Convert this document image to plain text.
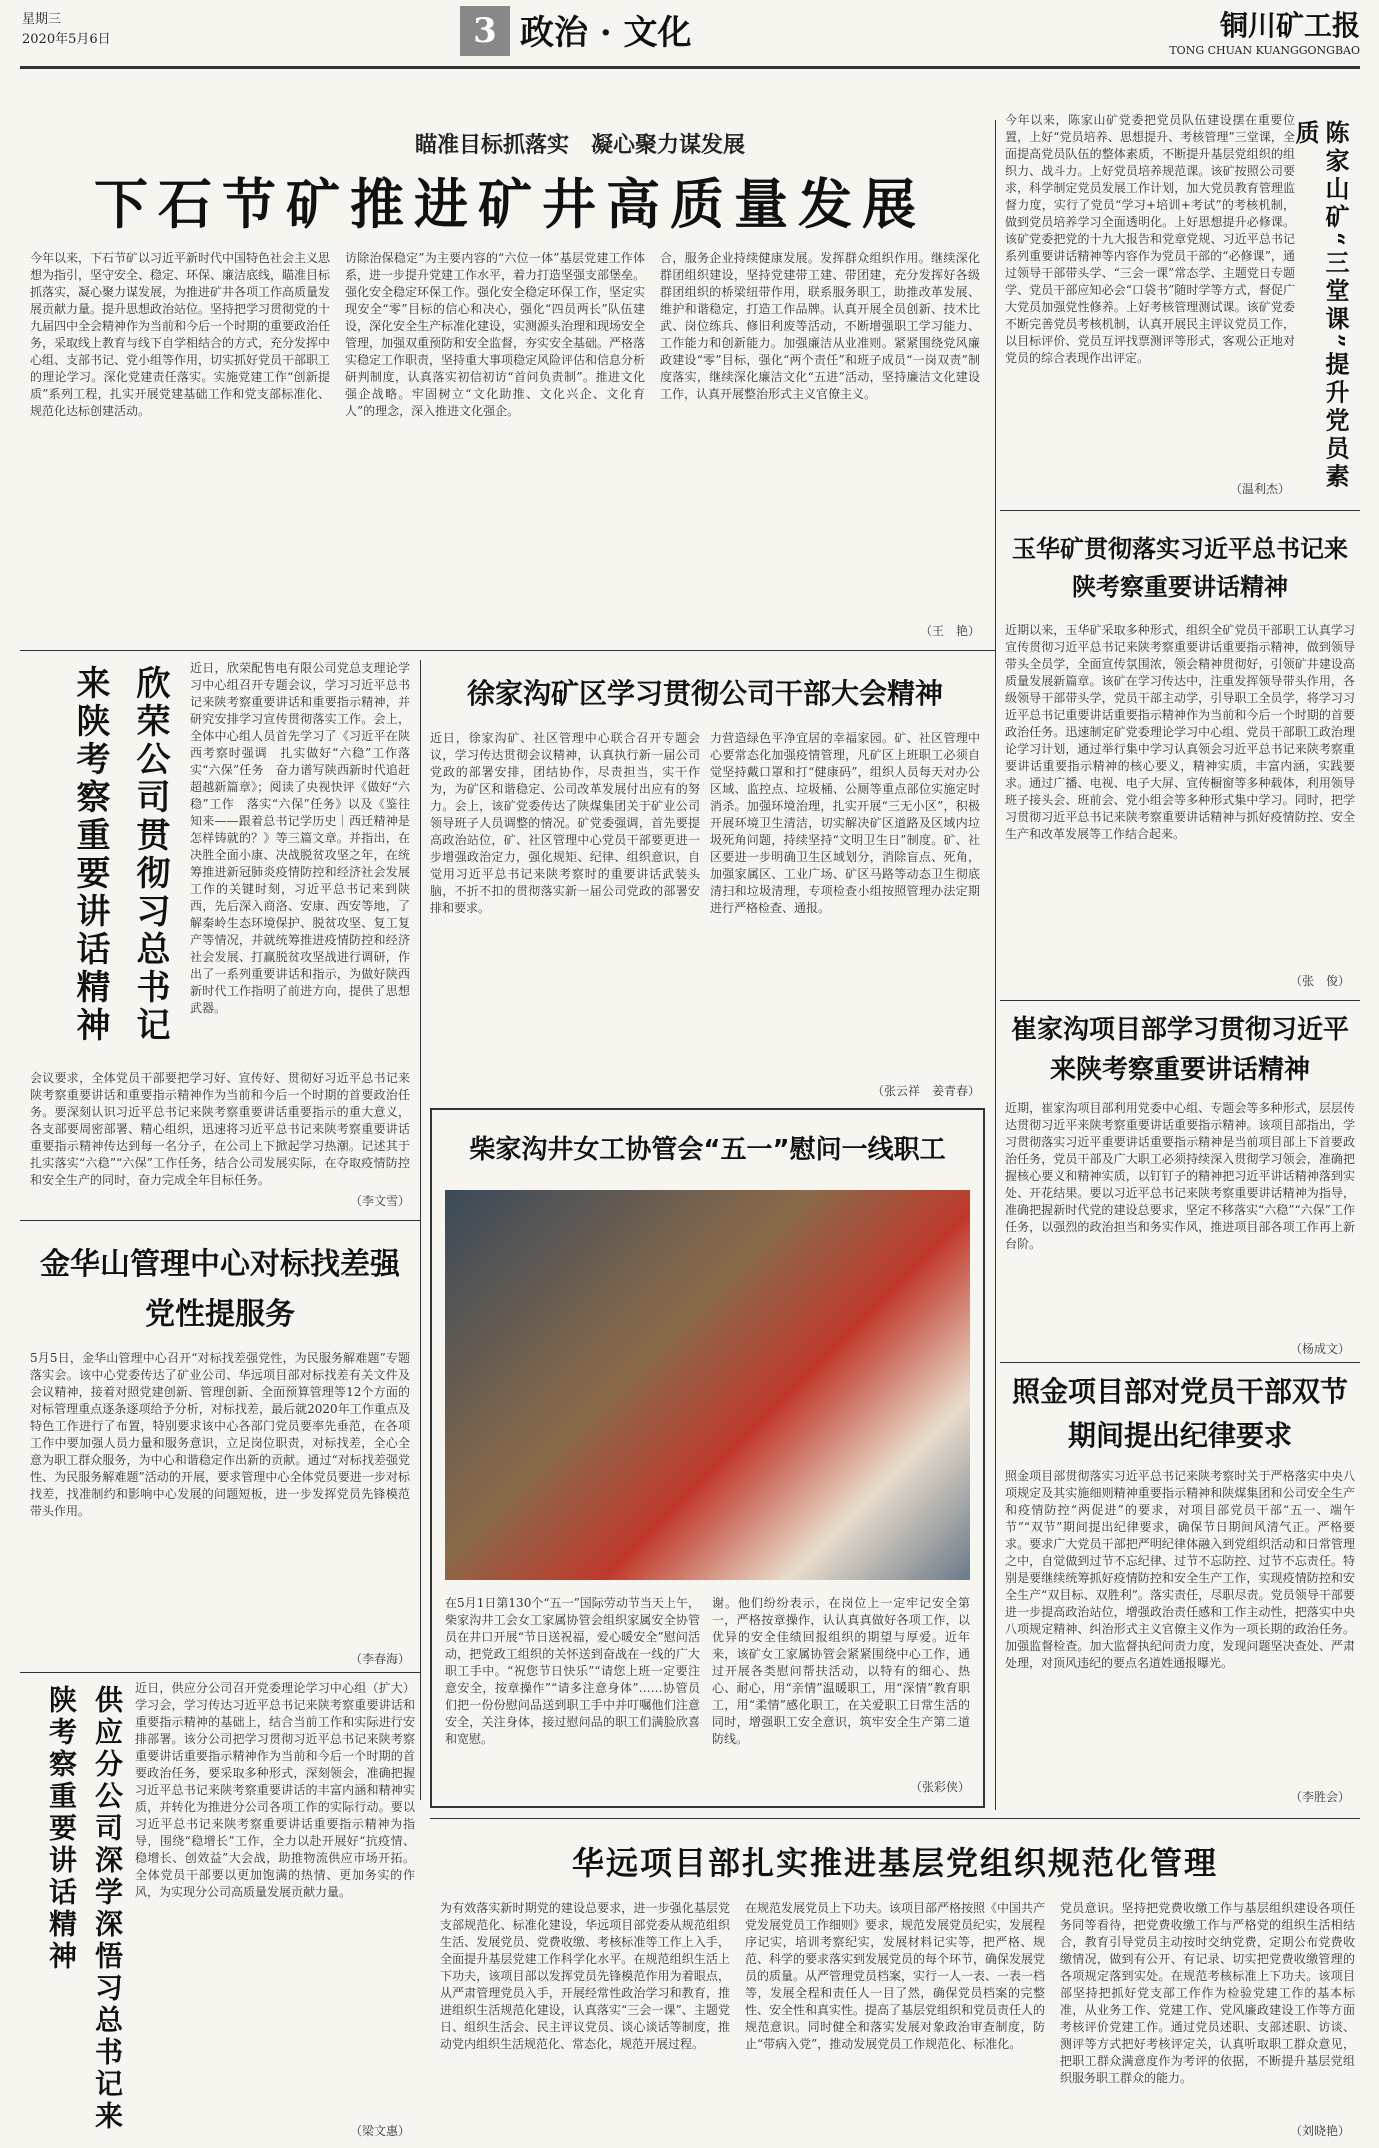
星期三
2020年5月6日	3 政治 · 文化	铜川矿工报
TONG CHUAN KUANGGONGBAO
瞄准目标抓落实　凝心聚力谋发展
下石节矿推进矿井高质量发展
今年以来，下石节矿以习近平新时代中国特色社会主义思想为指引，坚守安全、稳定、环保、廉洁底线，瞄准目标抓落实，凝心聚力谋发展，为推进矿井各项工作高质量发展贡献力量。提升思想政治站位。坚持把学习贯彻党的十九届四中全会精神作为当前和今后一个时期的重要政治任务，采取线上教育与线下自学相结合的方式，充分发挥中心组、支部书记、党小组等作用，切实抓好党员干部职工的理论学习。深化党建责任落实。实施党建工作“创新提质”系列工程，扎实开展党建基础工作和党支部标准化、规范化达标创建活动。
访除治保稳定”为主要内容的“六位一体”基层党建工作体系，进一步提升党建工作水平，着力打造坚强支部堡垒。强化安全稳定环保工作。强化安全稳定环保工作，坚定实现安全“零”目标的信心和决心，强化“四员两长”队伍建设，深化安全生产标准化建设，实测源头治理和现场安全管理，加强双重预防和安全监督，夯实安全基础。严格落实稳定工作职责，坚持重大事项稳定风险评估和信息分析研判制度，认真落实初信初访“首问负责制”。推进文化强企战略。牢固树立“文化助推、文化兴企、文化育人”的理念，深入推进文化强企。
合，服务企业持续健康发展。发挥群众组织作用。继续深化群团组织建设，坚持党建带工建、带团建，充分发挥好各级群团组织的桥梁纽带作用，联系服务职工，助推改革发展、维护和谐稳定，打造工作品牌。认真开展全员创新、技术比武、岗位练兵、修旧利废等活动，不断增强职工学习能力、工作能力和创新能力。加强廉洁从业准则。紧紧围绕党风廉政建设“零”目标，强化“两个责任”和班子成员“一岗双责”制度落实，继续深化廉洁文化“五进”活动，坚持廉洁文化建设工作，认真开展整治形式主义官僚主义。
（王　艳）
今年以来，陈家山矿党委把党员队伍建设摆在重要位置，上好“党员培养、思想提升、考核管理”三堂课，全面提高党员队伍的整体素质，不断提升基层党组织的组织力、战斗力。上好党员培养规范课。该矿按照公司要求，科学制定党员发展工作计划，加大党员教育管理监督力度，实行了党员“学习+培训+考试”的考核机制，做到党员培养学习全面透明化。上好思想提升必修课。该矿党委把党的十九大报告和党章党规、习近平总书记系列重要讲话精神等内容作为党员干部的“必修课”，通过领导干部带头学、“三会一课”常态学、主题党日专题学、党员干部应知必会“口袋书”随时学等方式，督促广大党员加强党性修养。上好考核管理测试课。该矿党委不断完善党员考核机制，认真开展民主评议党员工作，以目标评价、党员互评找票测评等形式，客观公正地对党员的综合表现作出评定。
（温利杰）	陈家山矿“三堂课”提升党员素质
玉华矿贯彻落实习近平总书记来陕考察重要讲话精神
近期以来，玉华矿采取多种形式，组织全矿党员干部职工认真学习宣传贯彻习近平总书记来陕考察重要讲话重要指示精神，做到领导带头全员学，全面宣传氛围浓，领会精神贯彻好，引领矿井建设高质量发展新篇章。该矿在学习传达中，注重发挥领导带头作用，各级领导干部带头学，党员干部主动学，引导职工全员学，将学习习近平总书记重要讲话重要指示精神作为当前和今后一个时期的首要政治任务。迅速制定矿党委理论学习中心组、党员干部职工政治理论学习计划，通过举行集中学习认真领会习近平总书记来陕考察重要讲话重要指示精神的核心要义，精神实质，丰富内涵，实践要求。通过广播、电视、电子大屏、宣传橱窗等多种载体，利用领导班子接头会、班前会、党小组会等多种形式集中学习。同时，把学习贯彻习近平总书记来陕考察重要讲话精神与抓好疫情防控、安全生产和改革发展等工作结合起来。
（张　俊）
崔家沟项目部学习贯彻习近平来陕考察重要讲话精神
近期，崔家沟项目部利用党委中心组、专题会等多种形式，层层传达贯彻习近平来陕考察重要讲话重要指示精神。该项目部指出，学习贯彻落实习近平重要讲话重要指示精神是当前项目部上下首要政治任务，党员干部及广大职工必须持续深入贯彻学习领会，准确把握核心要义和精神实质，以钉钉子的精神把习近平讲话精神落到实处、开花结果。要以习近平总书记来陕考察重要讲话精神为指导，准确把握新时代党的建设总要求，坚定不移落实“六稳”“六保”工作任务，以强烈的政治担当和务实作风，推进项目部各项工作再上新台阶。
（杨成文）
照金项目部对党员干部双节期间提出纪律要求
照金项目部贯彻落实习近平总书记来陕考察时关于严格落实中央八项规定及其实施细则精神重要指示精神和陕煤集团和公司安全生产和疫情防控“两促进”的要求，对项目部党员干部“五一、端午节”“双节”期间提出纪律要求，确保节日期间风清气正。严格要求。要求广大党员干部把严明纪律体融入到党组织活动和日常管理之中，自觉做到过节不忘纪律、过节不忘防控、过节不忘责任。特别是要继续统筹抓好疫情防控和安全生产工作，实现疫情防控和安全生产“双目标、双胜利”。落实责任，尽职尽责。党员领导干部要进一步提高政治站位，增强政治责任感和工作主动性，把落实中央八项规定精神、纠治形式主义官僚主义作为一项长期的政治任务。加强监督检查。加大监督执纪问责力度，发现问题坚决查处、严肃处理，对顶风违纪的要点名道姓通报曝光。
（李胜会）
欣荣公司贯彻习总书记来陕考察重要讲话精神	近日，欣荣配售电有限公司党总支理论学习中心组召开专题会议，学习习近平总书记来陕考察重要讲话和重要指示精神，并研究安排学习宣传贯彻落实工作。会上，全体中心组人员首先学习了《习近平在陕西考察时强调　扎实做好“六稳”工作落实“六保”任务　奋力谱写陕西新时代追赶超越新篇章》；阅读了央视快评《做好“六稳”工作　落实“六保”任务》以及《鉴往知来——跟着总书记学历史｜西迁精神是怎样铸就的？》等三篇文章。并指出，在决胜全面小康、决战脱贫攻坚之年，在统筹推进新冠肺炎疫情防控和经济社会发展工作的关键时刻，习近平总书记来到陕西，先后深入商洛、安康、西安等地，了解秦岭生态环境保护、脱贫攻坚、复工复产等情况，并就统筹推进疫情防控和经济社会发展、打赢脱贫攻坚战进行调研，作出了一系列重要讲话和指示，为做好陕西新时代工作指明了前进方向，提供了思想武器。
会议要求，全体党员干部要把学习好、宣传好、贯彻好习近平总书记来陕考察重要讲话和重要指示精神作为当前和今后一个时期的首要政治任务。要深刻认识习近平总书记来陕考察重要讲话重要指示的重大意义，各支部要周密部署、精心组织，迅速将习近平总书记来陕考察重要讲话重要指示精神传达到每一名分子，在公司上下掀起学习热潮。记述其于扎实落实“六稳”“六保”工作任务，结合公司发展实际，在夺取疫情防控和安全生产的同时，奋力完成全年目标任务。
（李文雪）
徐家沟矿区学习贯彻公司干部大会精神
近日，徐家沟矿、社区管理中心联合召开专题会议，学习传达贯彻会议精神，认真执行新一届公司党政的部署安排，团结协作，尽责担当，实干作为，为矿区和谐稳定、公司改革发展付出应有的努力。会上，该矿党委传达了陕煤集团关于矿业公司领导班子人员调整的情况。矿党委强调，首先要提高政治站位，矿、社区管理中心党员干部要更进一步增强政治定力，强化规矩、纪律、组织意识，自觉用习近平总书记来陕考察时的重要讲话武装头脑，不折不扣的贯彻落实新一届公司党政的部署安排和要求。
力营造绿色平净宜居的幸福家园。矿、社区管理中心要常态化加强疫情管理，凡矿区上班职工必须自觉坚持戴口罩和打“健康码”，组织人员每天对办公区域、监控点、垃圾桶、公厕等重点部位实施定时消杀。加强环境治理，扎实开展“三无小区”，积极开展环境卫生清洁，切实解决矿区道路及区域内垃圾死角问题，持续坚持“文明卫生日”制度。矿、社区要进一步明确卫生区域划分，消除盲点、死角，加强家属区、工业广场、矿区马路等动态卫生彻底清扫和垃圾清理，专项检查小组按照管理办法定期进行严格检查、通报。
（张云祥　姜青春）
柴家沟井女工协管会“五一”慰问一线职工
在5月1日第130个“五一”国际劳动节当天上午，柴家沟井工会女工家属协管会组织家属安全协管员在井口开展“节日送祝福，爱心暖安全”慰问活动，把党政工组织的关怀送到奋战在一线的广大职工手中。“祝您节日快乐”“请您上班一定要注意安全，按章操作”“请多注意身体”……协管员们把一份份慰问品送到职工手中并叮嘱他们注意安全，关注身体，接过慰问品的职工们满脸欣喜和宽慰。
谢。他们纷纷表示，在岗位上一定牢记安全第一，严格按章操作，认认真真做好各项工作，以优异的安全佳绩回报组织的期望与厚爱。近年来，该矿女工家属协管会紧紧围绕中心工作，通过开展各类慰问帮扶活动，以特有的细心、热心、耐心，用“亲情”温暖职工，用“深情”教育职工，用“柔情”感化职工，在关爱职工日常生活的同时，增强职工安全意识，筑牢安全生产第二道防线。
（张彩侠）
金华山管理中心对标找差强党性提服务
5月5日，金华山管理中心召开“对标找差强党性，为民服务解难题”专题落实会。该中心党委传达了矿业公司、华远项目部对标找差有关文件及会议精神，接着对照党建创新、管理创新、全面预算管理等12个方面的对标管理重点逐条逐项给予分析，对标找差，最后就2020年工作重点及特色工作进行了布置，特别要求该中心各部门党员要率先垂范，在各项工作中要加强人员力量和服务意识，立足岗位职责，对标找差，全心全意为职工群众服务，为中心和谐稳定作出新的贡献。通过“对标找差强党性、为民服务解难题”活动的开展，要求管理中心全体党员要进一步对标找差，找准制约和影响中心发展的问题短板，进一步发挥党员先锋模范带头作用。
（李春海）
供应分公司深学深悟习总书记来陕考察重要讲话精神	近日，供应分公司召开党委理论学习中心组（扩大）学习会，学习传达习近平总书记来陕考察重要讲话和重要指示精神的基础上，结合当前工作和实际进行安排部署。该分公司把学习贯彻习近平总书记来陕考察重要讲话重要指示精神作为当前和今后一个时期的首要政治任务，要采取多种形式，深刻领会，准确把握习近平总书记来陕考察重要讲话的丰富内涵和精神实质，并转化为推进分公司各项工作的实际行动。要以习近平总书记来陕考察重要讲话重要指示精神为指导，围绕“稳增长”工作，全力以赴开展好“抗疫情、稳增长、创效益”大会战，助推物流供应市场开拓。全体党员干部要以更加饱满的热情、更加务实的作风，为实现分公司高质量发展贡献力量。
（梁文惠）
华远项目部扎实推进基层党组织规范化管理
为有效落实新时期党的建设总要求，进一步强化基层党支部规范化、标准化建设，华远项目部党委从规范组织生活、发展党员、党费收缴、考核标准等工作上入手，全面提升基层党建工作科学化水平。在规范组织生活上下功夫，该项目部以发挥党员先锋模范作用为着眼点，从严肃管理党员入手，开展经常性政治学习和教育，推进组织生活规范化建设，认真落实“三会一课”、主题党日、组织生活会、民主评议党员、谈心谈话等制度，推动党内组织生活规范化、常态化，规范开展过程。
在规范发展党员上下功夫。该项目部严格按照《中国共产党发展党员工作细则》要求，规范发展党员纪实，发展程序记实，培训考察纪实，发展材料记实等，把严格、规范、科学的要求落实到发展党员的每个环节，确保发展党员的质量。从严管理党员档案，实行一人一表、一表一档等，发展全程和责任人一目了然，确保党员档案的完整性、安全性和真实性。提高了基层党组织和党员责任人的规范意识。同时健全和落实发展对象政治审查制度，防止“带病入党”，推动发展党员工作规范化、标准化。
党员意识。坚持把党费收缴工作与基层组织建设各项任务同等看待，把党费收缴工作与严格党的组织生活相结合，教育引导党员主动按时交纳党费，定期公布党费收缴情况，做到有公开、有记录、切实把党费收缴管理的各项规定落到实处。在规范考核标准上下功夫。该项目部坚持把抓好党支部工作作为检验党建工作的基本标准，从业务工作、党建工作、党风廉政建设工作等方面考核评价党建工作。通过党员述职、支部述职、访谈、测评等方式把好考核评定关，认真听取职工群众意见，把职工群众满意度作为考评的依据，不断提升基层党组织服务职工群众的能力。
（刘晓艳）
